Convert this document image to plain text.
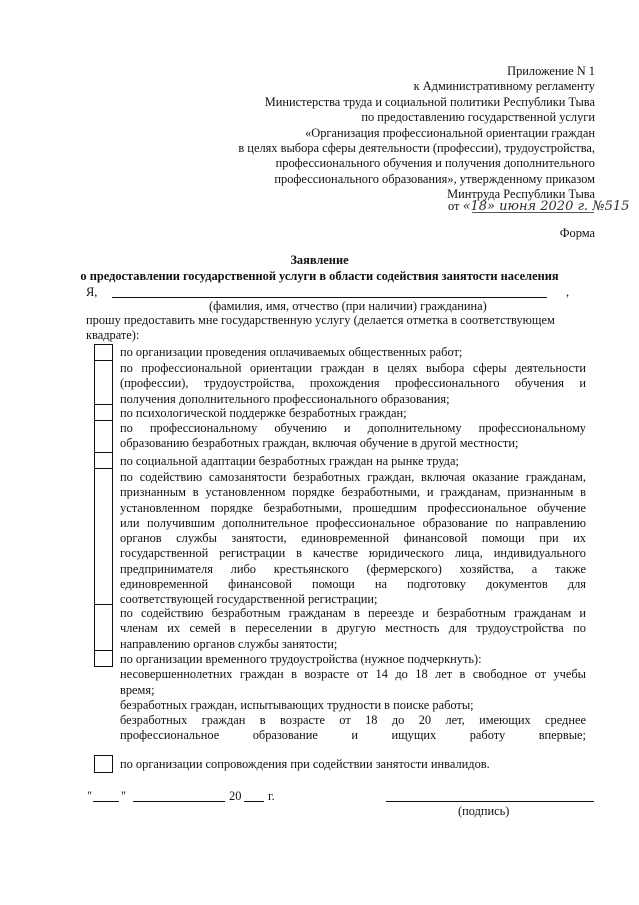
Приложение N 1
к Административному регламенту
Министерства труда и социальной политики Республики Тыва
по предоставлению государственной услуги
«Организация профессиональной ориентации граждан
в целях выбора сферы деятельности (профессии), трудоустройства,
профессионального обучения и получения дополнительного
профессионального образования», утвержденному приказом
Минтруда Республики Тыва
от «18» июня 2020 г. №515
Форма
Заявление
о предоставлении государственной услуги в области содействия занятости населения
Я,	,
(фамилия, имя, отчество (при наличии) гражданина)
прошу предоставить мне государственную услугу (делается отметка в соответствующем
квадрате):
по организации проведения оплачиваемых общественных работ;
по профессиональной ориентации граждан в целях выбора сферы деятельности
(профессии), трудоустройства, прохождения профессионального обучения и
получения дополнительного профессионального образования;
по психологической поддержке безработных граждан;
по профессиональному обучению и дополнительному профессиональному
образованию безработных граждан, включая обучение в другой местности;
по социальной адаптации безработных граждан на рынке труда;
по содействию самозанятости безработных граждан, включая оказание гражданам,
признанным в установленном порядке безработными, и гражданам, признанным в
установленном порядке безработными, прошедшим профессиональное обучение
или получившим дополнительное профессиональное образование по направлению
органов службы занятости, единовременной финансовой помощи при их
государственной регистрации в качестве юридического лица, индивидуального
предпринимателя либо крестьянского (фермерского) хозяйства, а также
единовременной финансовой помощи на подготовку документов для
соответствующей государственной регистрации;
по содействию безработным гражданам в переезде и безработным гражданам и
членам их семей в переселении в другую местность для трудоустройства по
направлению органов службы занятости;
по организации временного трудоустройства (нужное подчеркнуть):
несовершеннолетних граждан в возрасте от 14 до 18 лет в свободное от учебы
время;
безработных граждан, испытывающих трудности в поиске работы;
безработных граждан в возрасте от 18 до 20 лет, имеющих среднее
профессиональное образование и ищущих работу впервые;
по организации сопровождения при содействии занятости инвалидов.
" "	20 г.
(подпись)
